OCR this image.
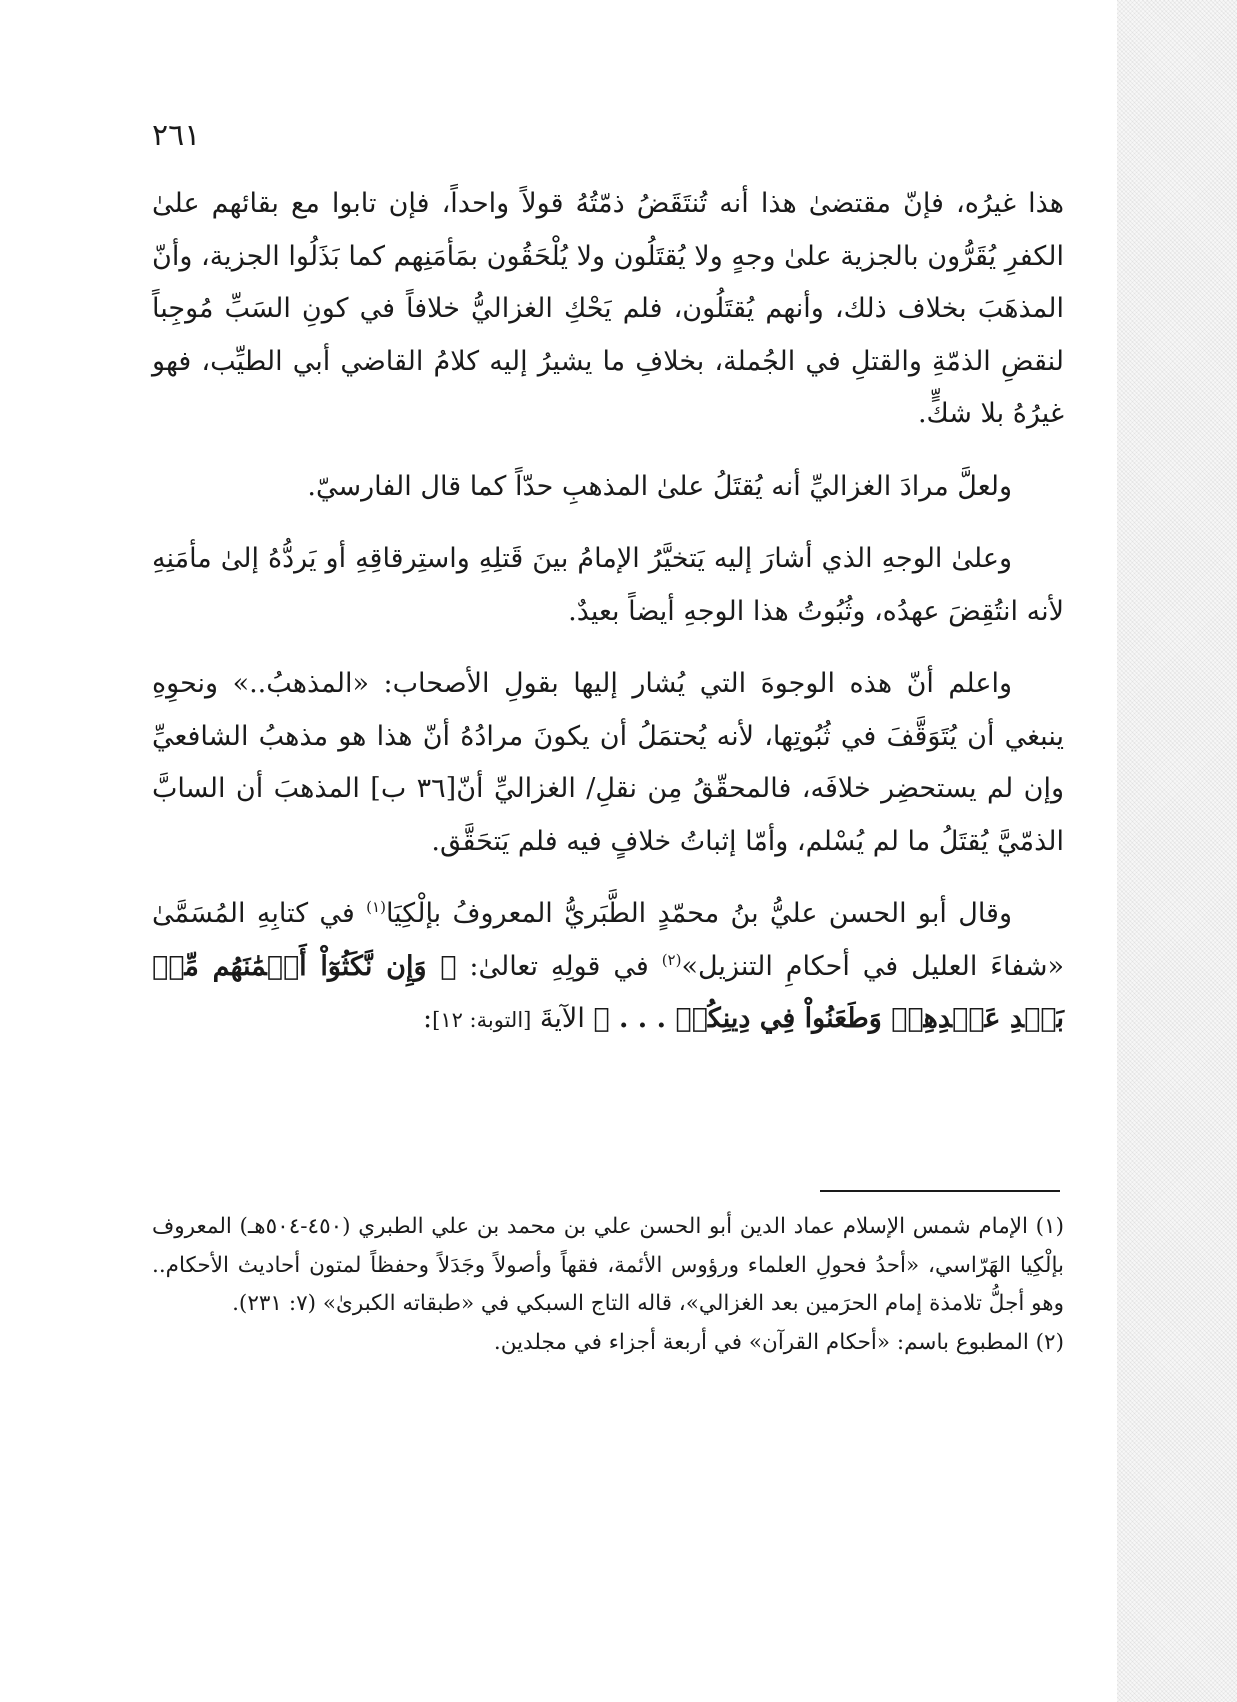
٢٦١

هذا غيرُه، فإنّ مقتضىٰ هذا أنه تُنتَقَضُ ذمّتُهُ قولاً واحداً، فإن تابوا مع بقائهم علىٰ الكفرِ يُقَرُّون بالجزية علىٰ وجهٍ ولا يُقتَلُون ولا يُلْحَقُون بمَأمَنِهم كما بَذَلُوا الجزية، وأنّ المذهَبَ بخلاف ذلك، وأنهم يُقتَلُون، فلم يَحْكِ الغزاليُّ خلافاً في كونِ السَبِّ مُوجِباً لنقضِ الذمّةِ والقتلِ في الجُملة، بخلافِ ما يشيرُ إليه كلامُ القاضي أبي الطيِّب، فهو غيرُهُ بلا شكٍّ.

ولعلَّ مرادَ الغزاليِّ أنه يُقتَلُ علىٰ المذهبِ حدّاً كما قال الفارسيّ.

وعلىٰ الوجهِ الذي أشارَ إليه يَتخيَّرُ الإمامُ بينَ قَتلِهِ واستِرقاقِهِ أو يَردُّهُ إلىٰ مأمَنِهِ لأنه انتُقِضَ عهدُه، وثُبُوتُ هذا الوجهِ أيضاً بعيدٌ.

واعلم أنّ هذه الوجوهَ التي يُشار إليها بقولِ الأصحاب: «المذهبُ..» ونحوِهِ ينبغي أن يُتَوَقَّفَ في ثُبُوتِها، لأنه يُحتمَلُ أن يكونَ مرادُهُ أنّ هذا هو مذهبُ الشافعيِّ وإن لم يستحضِر خلافَه، فالمحقّقُ مِن نقلِ/ الغزاليِّ أنّ[٣٦ ب] المذهبَ أن السابَّ الذمّيَّ يُقتَلُ ما لم يُسْلم، وأمّا إثباتُ خلافٍ فيه فلم يَتحَقَّق.

وقال أبو الحسن عليُّ بنُ محمّدٍ الطَّبَريُّ المعروفُ بإلْكِيَا$^{(١)}$ في كتابِهِ المُسَمَّىٰ «شفاءَ العليل في أحكامِ التنزيل»$^{(٢)}$ في قولِهِ تعالىٰ: ﴿ وَإِن نَّكَثُوٓاْ أَيۡمَٰنَهُم مِّنۢ بَعۡدِ عَهۡدِهِمۡ وَطَعَنُواْ فِي دِينِكُمۡ . . . ﴾ الآيةَ [التوبة: ١٢]:

(١) الإمام شمس الإسلام عماد الدين أبو الحسن علي بن محمد بن علي الطبري (٤٥٠-٥٠٤هـ) المعروف بإلْكِيا الهَرّاسي، «أحدُ فحولِ العلماء ورؤوس الأئمة، فقهاً وأصولاً وجَدَلاً وحفظاً لمتون أحاديث الأحكام.. وهو أجلُّ تلامذة إمام الحرَمين بعد الغزالي»، قاله التاج السبكي في «طبقاته الكبرىٰ» (٧: ٢٣١).

(٢) المطبوع باسم: «أحكام القرآن» في أربعة أجزاء في مجلدين.
